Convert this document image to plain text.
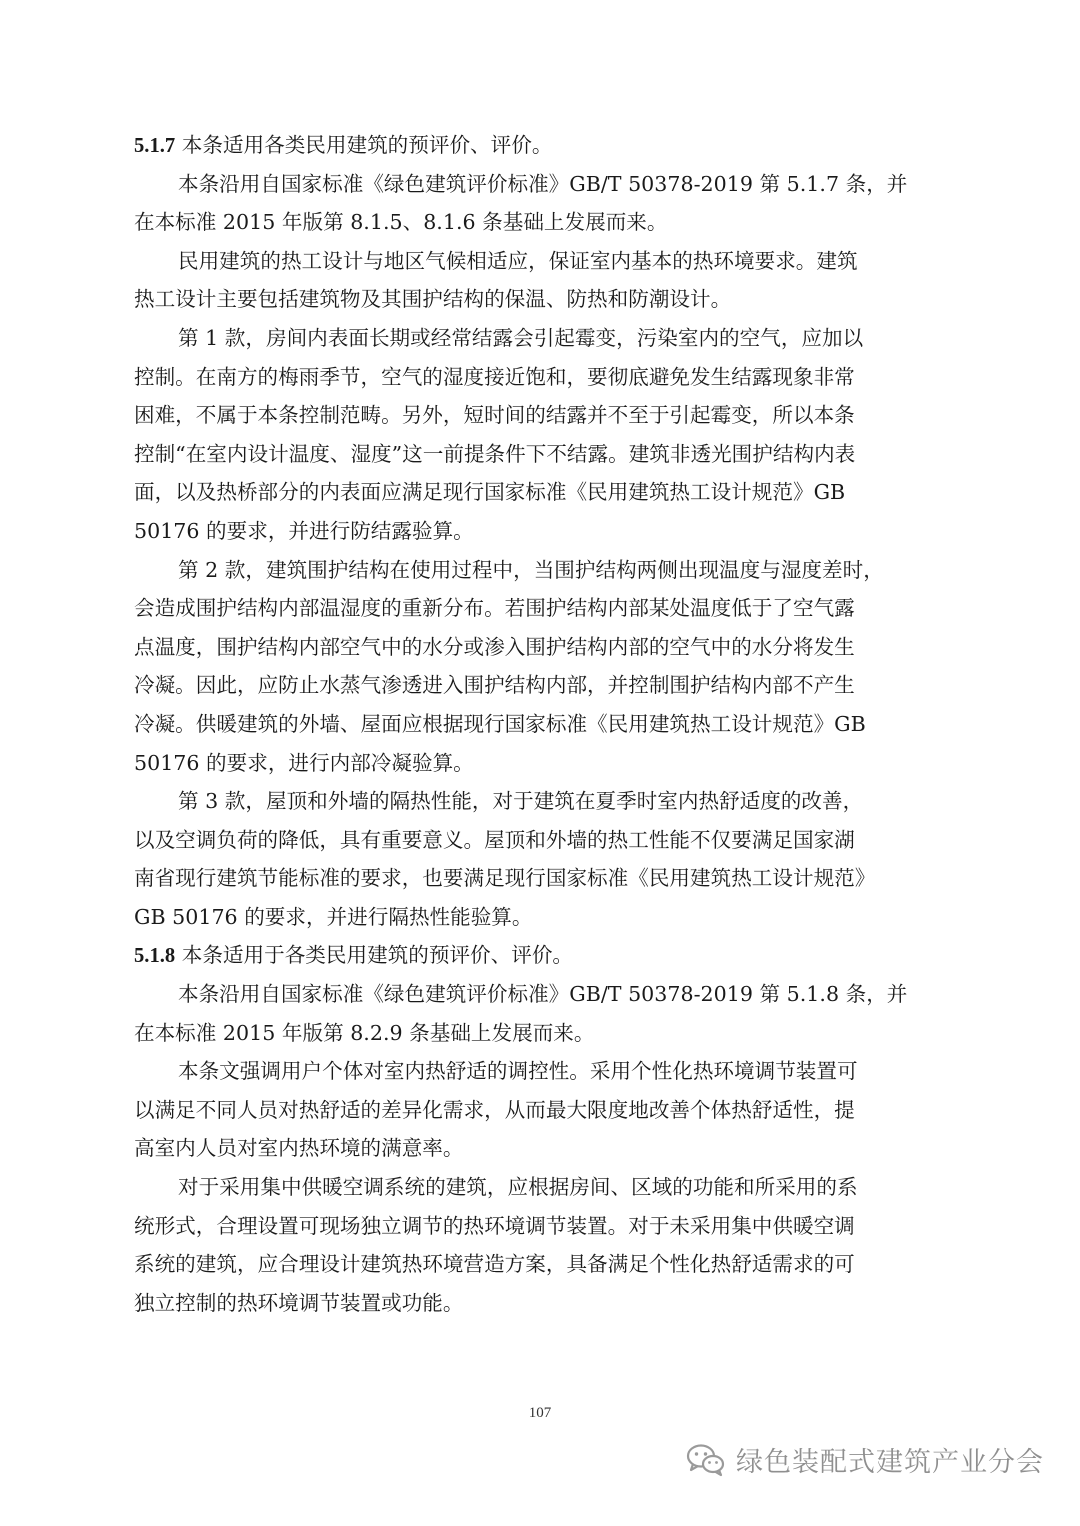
5.1.7 本条适用各类民用建筑的预评价、评价。
本条沿用自国家标准《绿色建筑评价标准》GB/T 50378-2019 第 5.1.7 条，并
在本标准 2015 年版第 8.1.5、8.1.6 条基础上发展而来。
民用建筑的热工设计与地区气候相适应，保证室内基本的热环境要求。建筑
热工设计主要包括建筑物及其围护结构的保温、防热和防潮设计。
第 1 款，房间内表面长期或经常结露会引起霉变，污染室内的空气，应加以
控制。在南方的梅雨季节，空气的湿度接近饱和，要彻底避免发生结露现象非常
困难，不属于本条控制范畴。另外，短时间的结露并不至于引起霉变，所以本条
控制“在室内设计温度、湿度”这一前提条件下不结露。建筑非透光围护结构内表
面，以及热桥部分的内表面应满足现行国家标准《民用建筑热工设计规范》GB
50176 的要求，并进行防结露验算。
第 2 款，建筑围护结构在使用过程中，当围护结构两侧出现温度与湿度差时，
会造成围护结构内部温湿度的重新分布。若围护结构内部某处温度低于了空气露
点温度，围护结构内部空气中的水分或渗入围护结构内部的空气中的水分将发生
冷凝。因此，应防止水蒸气渗透进入围护结构内部，并控制围护结构内部不产生
冷凝。供暖建筑的外墙、屋面应根据现行国家标准《民用建筑热工设计规范》GB
50176 的要求，进行内部冷凝验算。
第 3 款，屋顶和外墙的隔热性能，对于建筑在夏季时室内热舒适度的改善，
以及空调负荷的降低，具有重要意义。屋顶和外墙的热工性能不仅要满足国家湖
南省现行建筑节能标准的要求，也要满足现行国家标准《民用建筑热工设计规范》
GB 50176 的要求，并进行隔热性能验算。
5.1.8 本条适用于各类民用建筑的预评价、评价。
本条沿用自国家标准《绿色建筑评价标准》GB/T 50378-2019 第 5.1.8 条，并
在本标准 2015 年版第 8.2.9 条基础上发展而来。
本条文强调用户个体对室内热舒适的调控性。采用个性化热环境调节装置可
以满足不同人员对热舒适的差异化需求，从而最大限度地改善个体热舒适性，提
高室内人员对室内热环境的满意率。
对于采用集中供暖空调系统的建筑，应根据房间、区域的功能和所采用的系
统形式，合理设置可现场独立调节的热环境调节装置。对于未采用集中供暖空调
系统的建筑，应合理设计建筑热环境营造方案，具备满足个性化热舒适需求的可
独立控制的热环境调节装置或功能。
107
绿色装配式建筑产业分会
